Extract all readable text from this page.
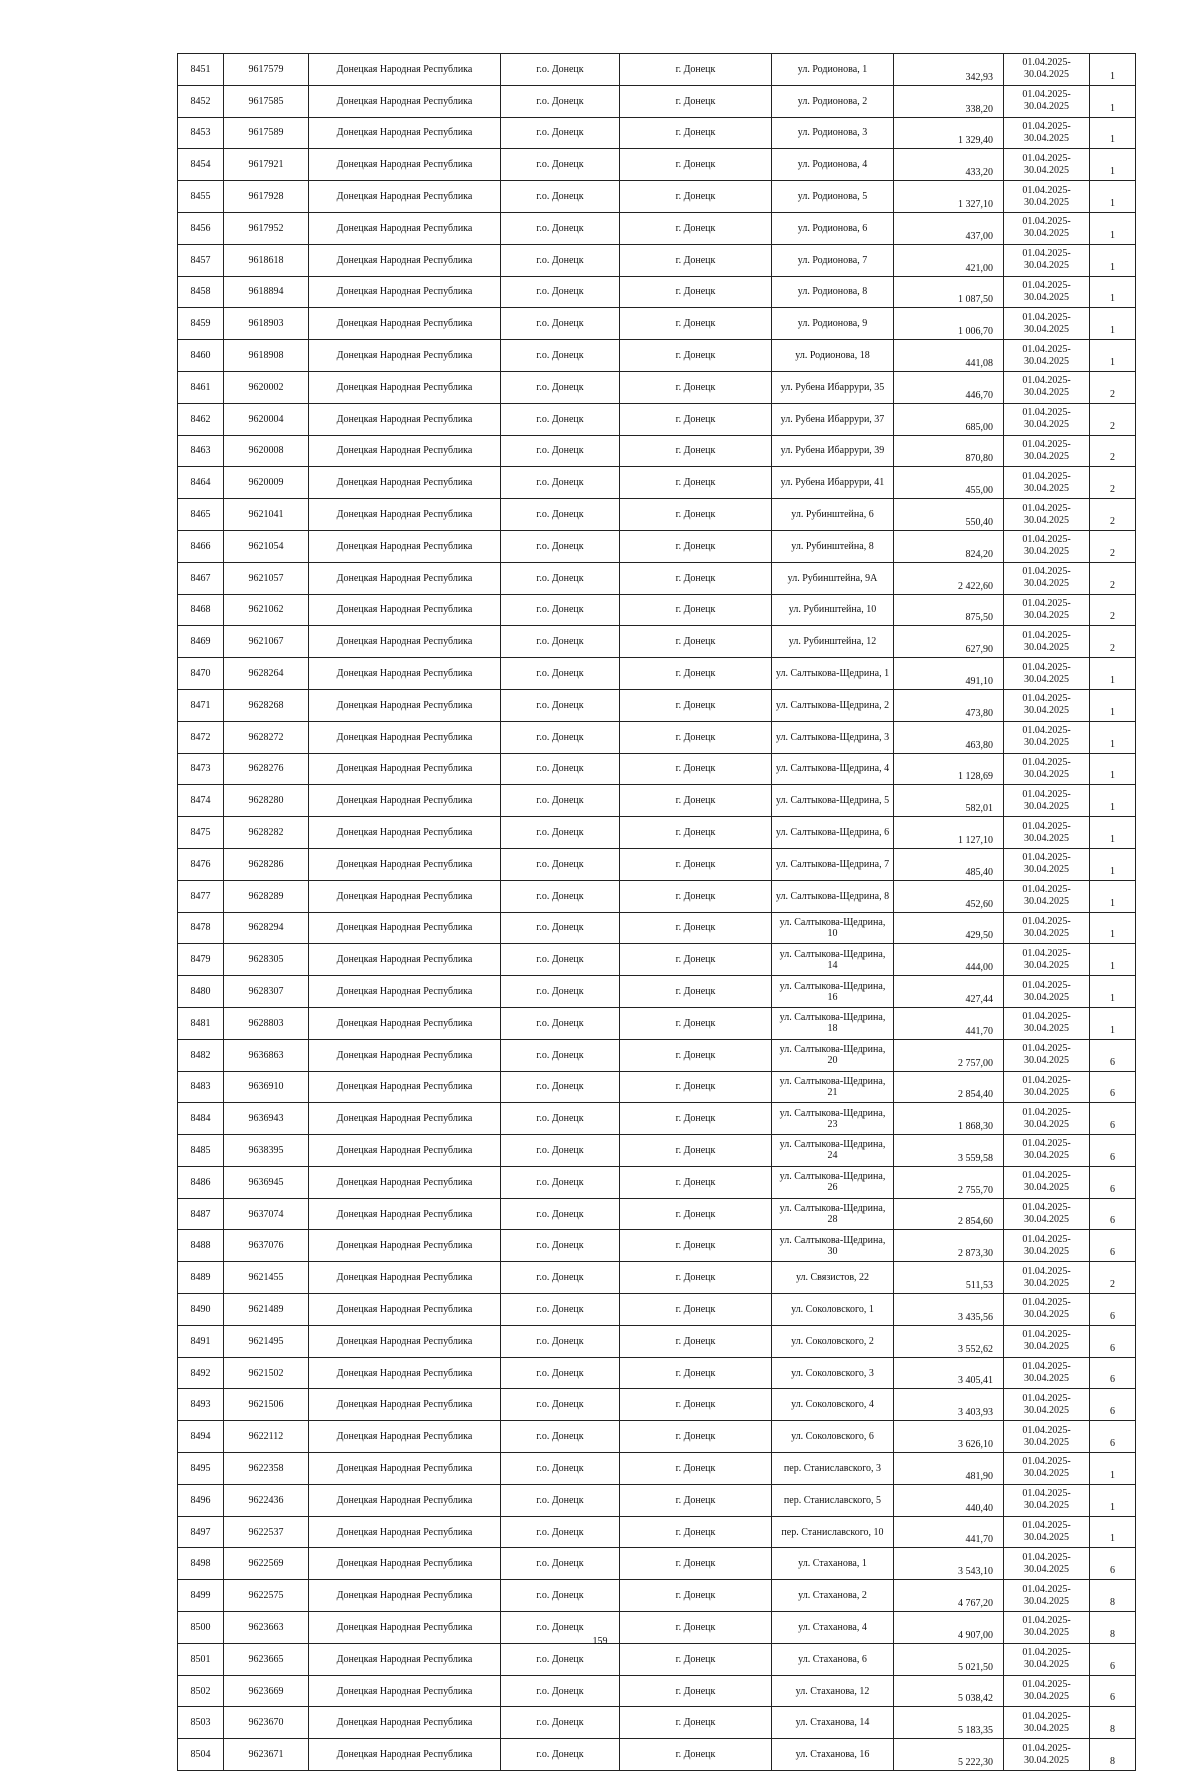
8451	9617579	Донецкая Народная Республика	г.о. Донецк	г. Донецк	ул. Родионова, 1	342,93	01.04.2025-
30.04.2025	1
8452	9617585	Донецкая Народная Республика	г.о. Донецк	г. Донецк	ул. Родионова, 2	338,20	01.04.2025-
30.04.2025	1
8453	9617589	Донецкая Народная Республика	г.о. Донецк	г. Донецк	ул. Родионова, 3	1 329,40	01.04.2025-
30.04.2025	1
8454	9617921	Донецкая Народная Республика	г.о. Донецк	г. Донецк	ул. Родионова, 4	433,20	01.04.2025-
30.04.2025	1
8455	9617928	Донецкая Народная Республика	г.о. Донецк	г. Донецк	ул. Родионова, 5	1 327,10	01.04.2025-
30.04.2025	1
8456	9617952	Донецкая Народная Республика	г.о. Донецк	г. Донецк	ул. Родионова, 6	437,00	01.04.2025-
30.04.2025	1
8457	9618618	Донецкая Народная Республика	г.о. Донецк	г. Донецк	ул. Родионова, 7	421,00	01.04.2025-
30.04.2025	1
8458	9618894	Донецкая Народная Республика	г.о. Донецк	г. Донецк	ул. Родионова, 8	1 087,50	01.04.2025-
30.04.2025	1
8459	9618903	Донецкая Народная Республика	г.о. Донецк	г. Донецк	ул. Родионова, 9	1 006,70	01.04.2025-
30.04.2025	1
8460	9618908	Донецкая Народная Республика	г.о. Донецк	г. Донецк	ул. Родионова, 18	441,08	01.04.2025-
30.04.2025	1
8461	9620002	Донецкая Народная Республика	г.о. Донецк	г. Донецк	ул. Рубена Ибаррури, 35	446,70	01.04.2025-
30.04.2025	2
8462	9620004	Донецкая Народная Республика	г.о. Донецк	г. Донецк	ул. Рубена Ибаррури, 37	685,00	01.04.2025-
30.04.2025	2
8463	9620008	Донецкая Народная Республика	г.о. Донецк	г. Донецк	ул. Рубена Ибаррури, 39	870,80	01.04.2025-
30.04.2025	2
8464	9620009	Донецкая Народная Республика	г.о. Донецк	г. Донецк	ул. Рубена Ибаррури, 41	455,00	01.04.2025-
30.04.2025	2
8465	9621041	Донецкая Народная Республика	г.о. Донецк	г. Донецк	ул. Рубинштейна, 6	550,40	01.04.2025-
30.04.2025	2
8466	9621054	Донецкая Народная Республика	г.о. Донецк	г. Донецк	ул. Рубинштейна, 8	824,20	01.04.2025-
30.04.2025	2
8467	9621057	Донецкая Народная Республика	г.о. Донецк	г. Донецк	ул. Рубинштейна, 9А	2 422,60	01.04.2025-
30.04.2025	2
8468	9621062	Донецкая Народная Республика	г.о. Донецк	г. Донецк	ул. Рубинштейна, 10	875,50	01.04.2025-
30.04.2025	2
8469	9621067	Донецкая Народная Республика	г.о. Донецк	г. Донецк	ул. Рубинштейна, 12	627,90	01.04.2025-
30.04.2025	2
8470	9628264	Донецкая Народная Республика	г.о. Донецк	г. Донецк	ул. Салтыкова-Щедрина, 1	491,10	01.04.2025-
30.04.2025	1
8471	9628268	Донецкая Народная Республика	г.о. Донецк	г. Донецк	ул. Салтыкова-Щедрина, 2	473,80	01.04.2025-
30.04.2025	1
8472	9628272	Донецкая Народная Республика	г.о. Донецк	г. Донецк	ул. Салтыкова-Щедрина, 3	463,80	01.04.2025-
30.04.2025	1
8473	9628276	Донецкая Народная Республика	г.о. Донецк	г. Донецк	ул. Салтыкова-Щедрина, 4	1 128,69	01.04.2025-
30.04.2025	1
8474	9628280	Донецкая Народная Республика	г.о. Донецк	г. Донецк	ул. Салтыкова-Щедрина, 5	582,01	01.04.2025-
30.04.2025	1
8475	9628282	Донецкая Народная Республика	г.о. Донецк	г. Донецк	ул. Салтыкова-Щедрина, 6	1 127,10	01.04.2025-
30.04.2025	1
8476	9628286	Донецкая Народная Республика	г.о. Донецк	г. Донецк	ул. Салтыкова-Щедрина, 7	485,40	01.04.2025-
30.04.2025	1
8477	9628289	Донецкая Народная Республика	г.о. Донецк	г. Донецк	ул. Салтыкова-Щедрина, 8	452,60	01.04.2025-
30.04.2025	1
8478	9628294	Донецкая Народная Республика	г.о. Донецк	г. Донецк	ул. Салтыкова-Щедрина, 10	429,50	01.04.2025-
30.04.2025	1
8479	9628305	Донецкая Народная Республика	г.о. Донецк	г. Донецк	ул. Салтыкова-Щедрина, 14	444,00	01.04.2025-
30.04.2025	1
8480	9628307	Донецкая Народная Республика	г.о. Донецк	г. Донецк	ул. Салтыкова-Щедрина, 16	427,44	01.04.2025-
30.04.2025	1
8481	9628803	Донецкая Народная Республика	г.о. Донецк	г. Донецк	ул. Салтыкова-Щедрина, 18	441,70	01.04.2025-
30.04.2025	1
8482	9636863	Донецкая Народная Республика	г.о. Донецк	г. Донецк	ул. Салтыкова-Щедрина, 20	2 757,00	01.04.2025-
30.04.2025	6
8483	9636910	Донецкая Народная Республика	г.о. Донецк	г. Донецк	ул. Салтыкова-Щедрина, 21	2 854,40	01.04.2025-
30.04.2025	6
8484	9636943	Донецкая Народная Республика	г.о. Донецк	г. Донецк	ул. Салтыкова-Щедрина, 23	1 868,30	01.04.2025-
30.04.2025	6
8485	9638395	Донецкая Народная Республика	г.о. Донецк	г. Донецк	ул. Салтыкова-Щедрина, 24	3 559,58	01.04.2025-
30.04.2025	6
8486	9636945	Донецкая Народная Республика	г.о. Донецк	г. Донецк	ул. Салтыкова-Щедрина, 26	2 755,70	01.04.2025-
30.04.2025	6
8487	9637074	Донецкая Народная Республика	г.о. Донецк	г. Донецк	ул. Салтыкова-Щедрина, 28	2 854,60	01.04.2025-
30.04.2025	6
8488	9637076	Донецкая Народная Республика	г.о. Донецк	г. Донецк	ул. Салтыкова-Щедрина, 30	2 873,30	01.04.2025-
30.04.2025	6
8489	9621455	Донецкая Народная Республика	г.о. Донецк	г. Донецк	ул. Связистов, 22	511,53	01.04.2025-
30.04.2025	2
8490	9621489	Донецкая Народная Республика	г.о. Донецк	г. Донецк	ул. Соколовского, 1	3 435,56	01.04.2025-
30.04.2025	6
8491	9621495	Донецкая Народная Республика	г.о. Донецк	г. Донецк	ул. Соколовского, 2	3 552,62	01.04.2025-
30.04.2025	6
8492	9621502	Донецкая Народная Республика	г.о. Донецк	г. Донецк	ул. Соколовского, 3	3 405,41	01.04.2025-
30.04.2025	6
8493	9621506	Донецкая Народная Республика	г.о. Донецк	г. Донецк	ул. Соколовского, 4	3 403,93	01.04.2025-
30.04.2025	6
8494	9622112	Донецкая Народная Республика	г.о. Донецк	г. Донецк	ул. Соколовского, 6	3 626,10	01.04.2025-
30.04.2025	6
8495	9622358	Донецкая Народная Республика	г.о. Донецк	г. Донецк	пер. Станиславского, 3	481,90	01.04.2025-
30.04.2025	1
8496	9622436	Донецкая Народная Республика	г.о. Донецк	г. Донецк	пер. Станиславского, 5	440,40	01.04.2025-
30.04.2025	1
8497	9622537	Донецкая Народная Республика	г.о. Донецк	г. Донецк	пер. Станиславского, 10	441,70	01.04.2025-
30.04.2025	1
8498	9622569	Донецкая Народная Республика	г.о. Донецк	г. Донецк	ул. Стаханова, 1	3 543,10	01.04.2025-
30.04.2025	6
8499	9622575	Донецкая Народная Республика	г.о. Донецк	г. Донецк	ул. Стаханова, 2	4 767,20	01.04.2025-
30.04.2025	8
8500	9623663	Донецкая Народная Республика	г.о. Донецк	г. Донецк	ул. Стаханова, 4	4 907,00	01.04.2025-
30.04.2025	8
8501	9623665	Донецкая Народная Республика	г.о. Донецк	г. Донецк	ул. Стаханова, 6	5 021,50	01.04.2025-
30.04.2025	6
8502	9623669	Донецкая Народная Республика	г.о. Донецк	г. Донецк	ул. Стаханова, 12	5 038,42	01.04.2025-
30.04.2025	6
8503	9623670	Донецкая Народная Республика	г.о. Донецк	г. Донецк	ул. Стаханова, 14	5 183,35	01.04.2025-
30.04.2025	8
8504	9623671	Донецкая Народная Республика	г.о. Донецк	г. Донецк	ул. Стаханова, 16	5 222,30	01.04.2025-
30.04.2025	8
159
